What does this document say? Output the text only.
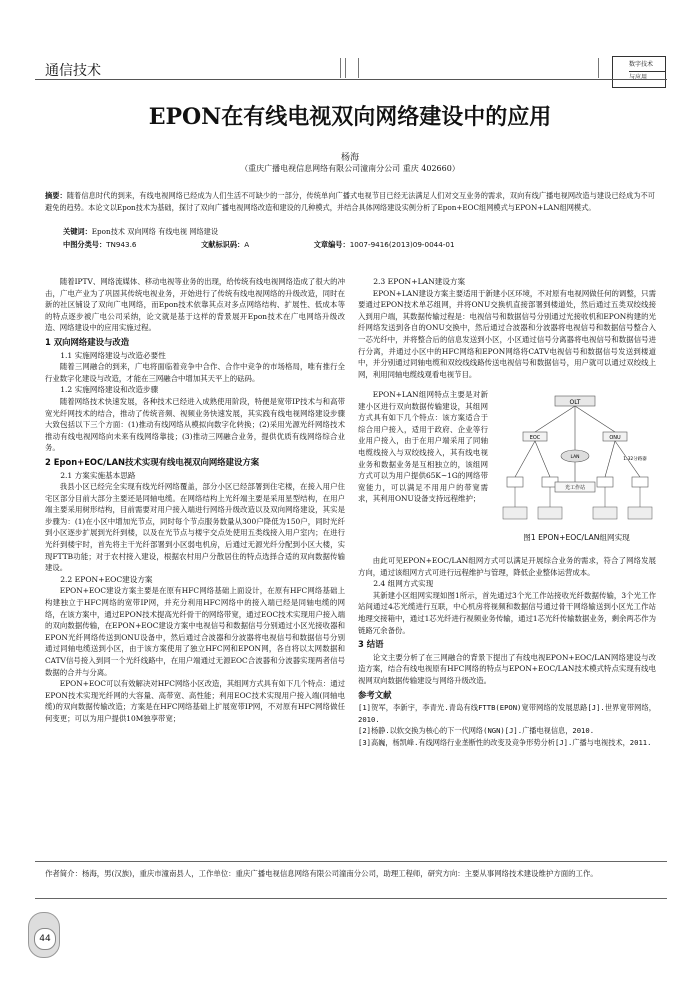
通信技术	数字技术
与应用
EPON在有线电视双向网络建设中的应用
杨海
（重庆广播电视信息网络有限公司潼南分公司 重庆 402660）
摘要：随着信息时代的到来，有线电视网络已经成为人们生活不可缺少的一部分，传统单向广播式电视节目已经无法满足人们对交互业务的需求，双向有线广播电视网改造与建设已经成为不可避免的趋势。本论文以Epon技术为基础，探讨了双向广播电视网络改造和建设的几种模式，并结合具体网络建设实例分析了Epon+EOC组网模式与EPON+LAN组网模式。
关键词：Epon技术 双向网络 有线电视 网络建设
中图分类号：TN943.6	文献标识码：A	文章编号：1007-9416(2013)09-0044-01

随着IPTV、网络流媒体、移动电视等业务的出现，给传统有线电视网络造成了很大的冲击，广电产业为了巩固其传统电视业务，开始进行了传统有线电视网络的升级改造，同时在新的社区铺设了双向广电网络，而Epon技术依靠其点对多点网络结构、扩展性、低成本等的特点逐步被广电公司采纳，论文就是基于这样的背景展开Epon技术在广电网络升级改造、网络建设中的应用实施过程。

1 双向网络建设与改造
1.1 实施网络建设与改造必要性

随着三网融合的到来，广电将面临着竞争中合作、合作中竞争的市场格局，唯有推行全行业数字化建设与改造，才能在三网融合中增加其天平上的砝码。

1.2 实施网络建设和改造步骤

随着网络技术快速发展，各种技术已经进入成熟使用阶段，特便是宽带IP技术与和高带宽光纤网技术的结合，推动了传统音频、视频业务快速发展，其实践有线电视网络建设步骤大致包括以下三个方面：(1)推动有线网络从模拟向数字化转换；(2)采用光源光纤网络技术推动有线电视网络向未来有线网络靠拢；(3)推动三网融合业务，提供优质有线网络综合业务。

2 Epon+EOC/LAN技术实现有线电视双向网络建设方案
2.1 方案实施基本思路

我县小区已经完全实现有线光纤网络覆盖，部分小区已经部署到住宅楼，在接入用户住宅区部分目前大部分主要还是同轴电缆。在网络结构上光纤端主要是采用星型结构，在用户端主要采用树形结构，目前需要对用户接入端进行网络升级改造以及双向网络建设，其实是步骤为：(1)在小区中增加光节点，同时每个节点服务数量从300户降低为150户，同时光纤到小区逐步扩展到光纤到楼，以及在光节点与楼宇交点处使用五类线接入用户室内；在进行光纤到楼宇时，首先将主干光纤部署到小区弱电机房，后通过无源光纤分配到小区大楼，实现FTTB功能；对于农村接入建设，根据农村用户分散居住的特点选择合适的双向数据传输建设。

2.2 EPON+EOC建设方案

EPON+EOC建设方案主要是在原有HFC网络基础上面设计，在原有HFC网络基础上构建独立于HFC网络的宽带IP网，并充分利用HFC网络中的接入端已经是同轴电缆的网络，在该方案中，通过EPON技术提高光纤骨干的网络带宽，通过EOC技术实现用户接入端的双向数据传输，在EPON+EOC建设方案中电视信号和数据信号分别通过小区光接收器和EPON光纤网络传送到ONU设备中，然后通过合波器和分波器将电视信号和数据信号分别通过同轴电缆送到小区，由于该方案使用了独立HFC网和EPON网，各自将以太网数据和CATV信号接入到同一个光纤线路中，在用户端通过无源EOC合波器和分波器实现两者信号数据的合并与分离。

EPON+EOC可以有效解决对HFC网络小区改造，其组网方式具有如下几个特点：通过EPON技术实现光纤网的大容量、高带宽、高性能；利用EOC技术实现用户接入端(同轴电缆)的双向数据传输改造；方案是在HFC网络基础上扩展宽带IP网，不对原有HFC网络做任何变更；可以为用户提供10M独享带宽；

2.3 EPON+LAN建设方案

EPON+LAN建设方案主要适用于新建小区环境，不对原有电视网做任何的调整，只需要通过EPON技术单芯组网，并将ONU交换机直接部署到楼道处，然后通过五类双绞线接入到用户端，其数据传输过程是：电视信号和数据信号分别通过光接收机和EPON构建的光纤网络发送到各自的ONU交换中，然后通过合波器和分波器将电视信号和数据信号整合入一芯光纤中，并将整合后的信息发送到小区，小区通过信号分离器将电视信号和数据信号进行分离，并通过小区中的HFC网络和EPON网络将CATV电视信号和数据信号发送到楼道中，并分别通过同轴电缆和双绞线线路传送电视信号和数据信号，用户就可以通过双绞线上网，利用同轴电缆线观看电视节目。

EPON+LAN组网特点主要是对新建小区进行双向数据传输建设，其组网方式具有如下几个特点：该方案适合于综合用户接入，适用于政府、企业等行业用户接入，由于在用户端采用了同轴电缆线接入与双绞线接入，其有线电视业务和数据业务是互相独立的，该组网方式可以为用户提供65K~1G的网络带宽能力，可以满足不用用户的带宽需求，其利用ONU设备支持远程维护；

OLT
EOC	ONU
LAN
光工作站
1:32分路器
图1 EPON+EOC/LAN组网实现

由此可见EPON+EOC/LAN组网方式可以满足开展综合业务的需求，符合了网络发展方向，通过该组网方式可进行远程维护与管理，降低企业整体运营成本。

2.4 组网方式实现

其新建小区组网实现如图1所示，首先通过3个光工作站接收光纤数据传输，3个光工作站间通过4芯光缆进行互联，中心机房将视频和数据信号通过骨干网络输送到小区光工作站地理交接箱中，通过1芯光纤进行视频业务传输，通过1芯光纤传输数据业务，剩余两芯作为链路冗余备份。

3 结语

论文主要分析了在三网融合的背景下提出了有线电视EPON+EOC/LAN网络建设与改造方案，结合有线电视原有HFC网络的特点与EPON+EOC/LAN技术模式特点实现有线电视网双向数据传输建设与网络升级改造。

参考文献

[1]贺军，李新宇，李青光.青岛有线FTTB(EPON)宽带网络的发展思路[J].世界宽带网络，2010.

[2]杨静.以软交换为核心的下一代网络(NGN)[J].广播电视信息，2010.

[3]高巍，杨凯峰.有线网络行业垄断性的改变及竞争形势分析[J].广播与电视技术，2011.

作者简介：杨海，男(汉族)，重庆市潼南县人，工作单位：重庆广播电视信息网络有限公司潼南分公司，助理工程师，研究方向：主要从事网络技术建设维护方面的工作。
44
